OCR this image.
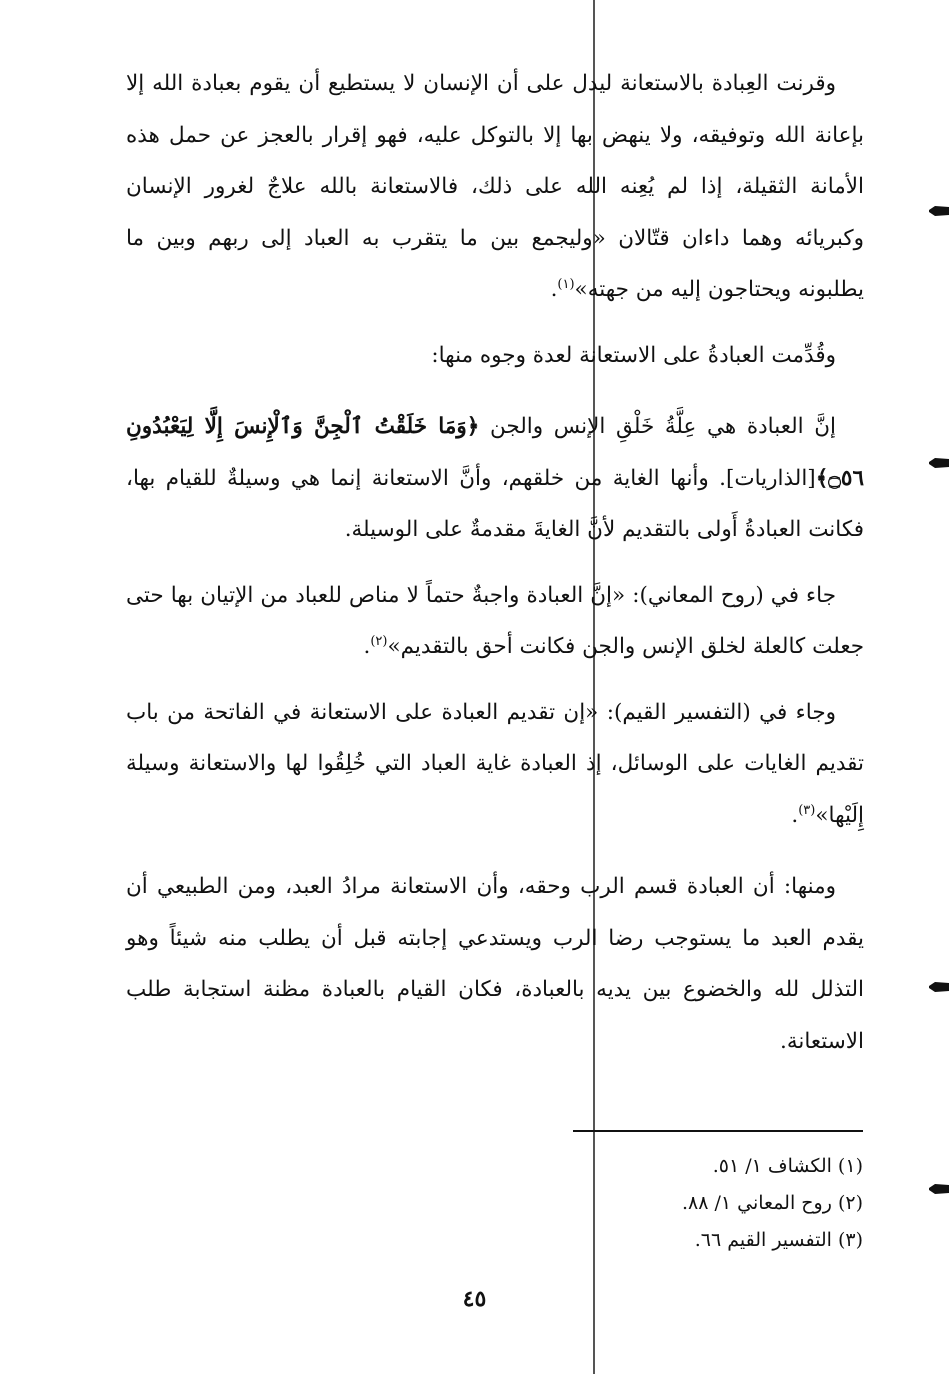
وقرنت العِبادة بالاستعانة ليدل على أن الإنسان لا يستطيع أن يقوم بعبادة الله إلا بإعانة الله وتوفيقه، ولا ينهض بها إلا بالتوكل عليه، فهو إقرار بالعجز عن حمل هذه الأمانة الثقيلة، إذا لم يُعِنه الله على ذلك، فالاستعانة بالله علاجٌ لغرور الإنسان وكبريائه وهما داءان قتّالان «وليجمع بين ما يتقرب به العباد إلى ربهم وبين ما يطلبونه ويحتاجون إليه من جهته»$^{(١)}$.

وقُدِّمت العبادةُ على الاستعانة لعدة وجوه منها:

إنَّ العبادة هي عِلَّةُ خَلْقِ الإنس والجن ﴿وَمَا خَلَقْتُ ٱلْجِنَّ وَٱلْإِنسَ إِلَّا لِيَعْبُدُونِ ۝٥٦﴾[الذاريات]. وأنها الغاية من خلقهم، وأنَّ الاستعانة إنما هي وسيلةٌ للقيام بها، فكانت العبادةُ أَولى بالتقديم لأنَّ الغايةَ مقدمةٌ على الوسيلة.

جاء في (روح المعاني): «إنَّ العبادة واجبةٌ حتماً لا مناص للعباد من الإتيان بها حتى جعلت كالعلة لخلق الإنس والجن فكانت أحق بالتقديم»$^{(٢)}$.

وجاء في (التفسير القيم): «إن تقديم العبادة على الاستعانة في الفاتحة من باب تقديم الغايات على الوسائل، إذ العبادة غاية العباد التي خُلِقُوا لها والاستعانة وسيلة إِلَيْها»$^{(٣)}$.

ومنها: أن العبادة قسم الرب وحقه، وأن الاستعانة مرادُ العبد، ومن الطبيعي أن يقدم العبد ما يستوجب رضا الرب ويستدعي إجابته قبل أن يطلب منه شيئاً وهو التذلل لله والخضوع بين يديه بالعبادة، فكان القيام بالعبادة مظنة استجابة طلب الاستعانة.

(١) الكشاف ١/ ٥١.

(٢) روح المعاني ١/ ٨٨.

(٣) التفسير القيم ٦٦.

٤٥
